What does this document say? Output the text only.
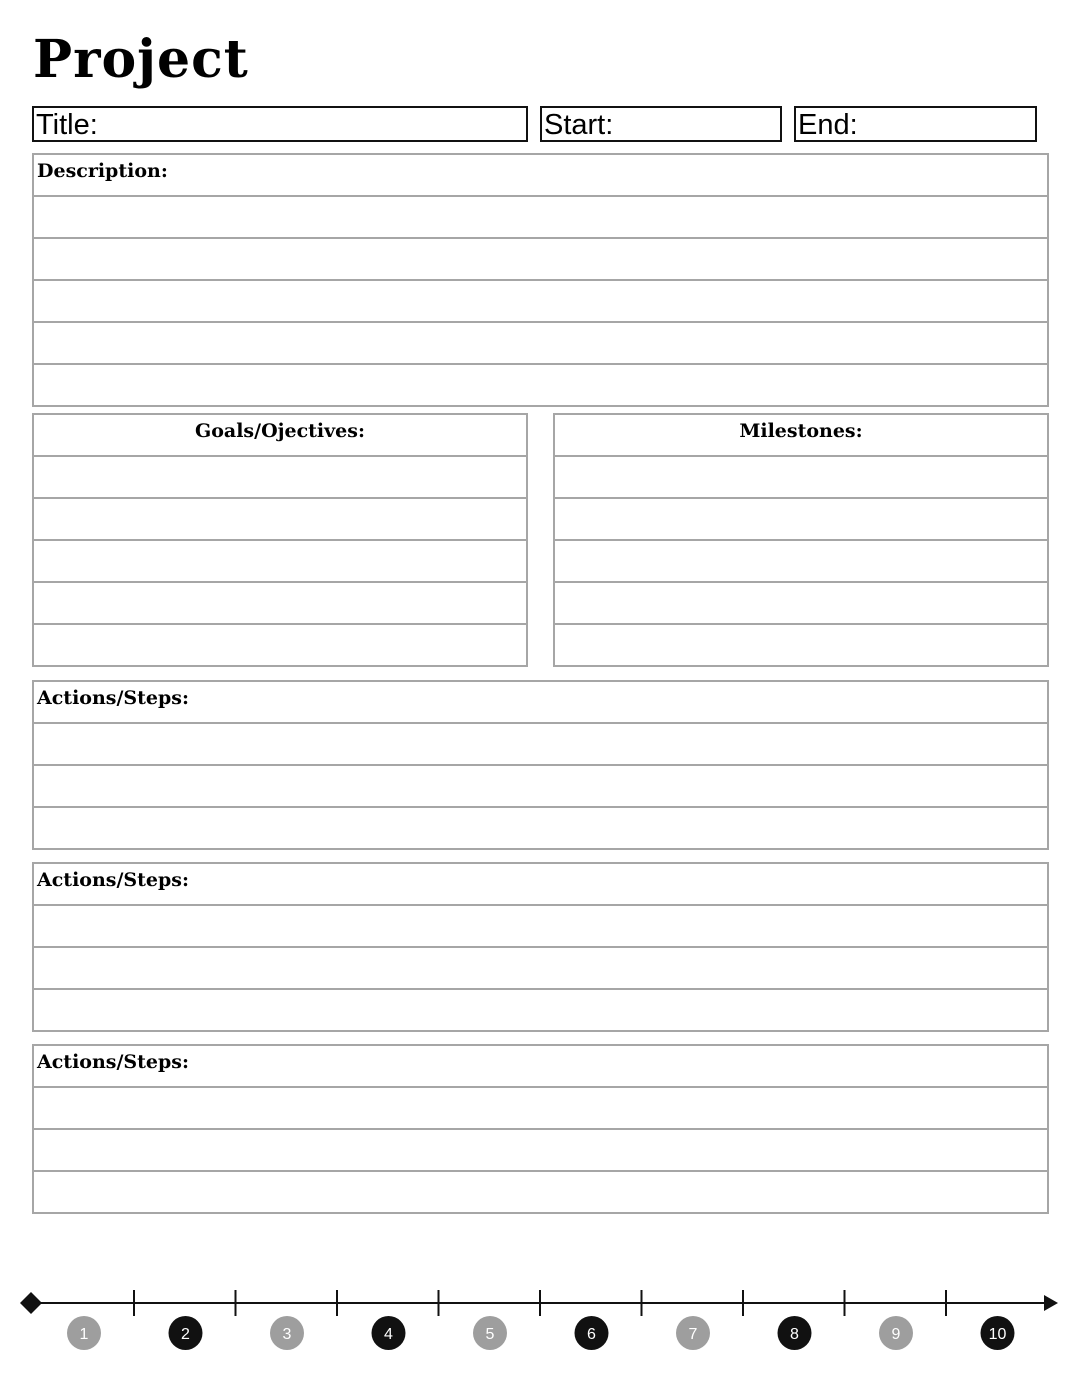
Project
Title:	Start:	End:
Description:
Goals/Ojectives:	Milestones:
Actions/Steps:
Actions/Steps:
Actions/Steps:
1	2	3	4	5	6	7	8	9	10
